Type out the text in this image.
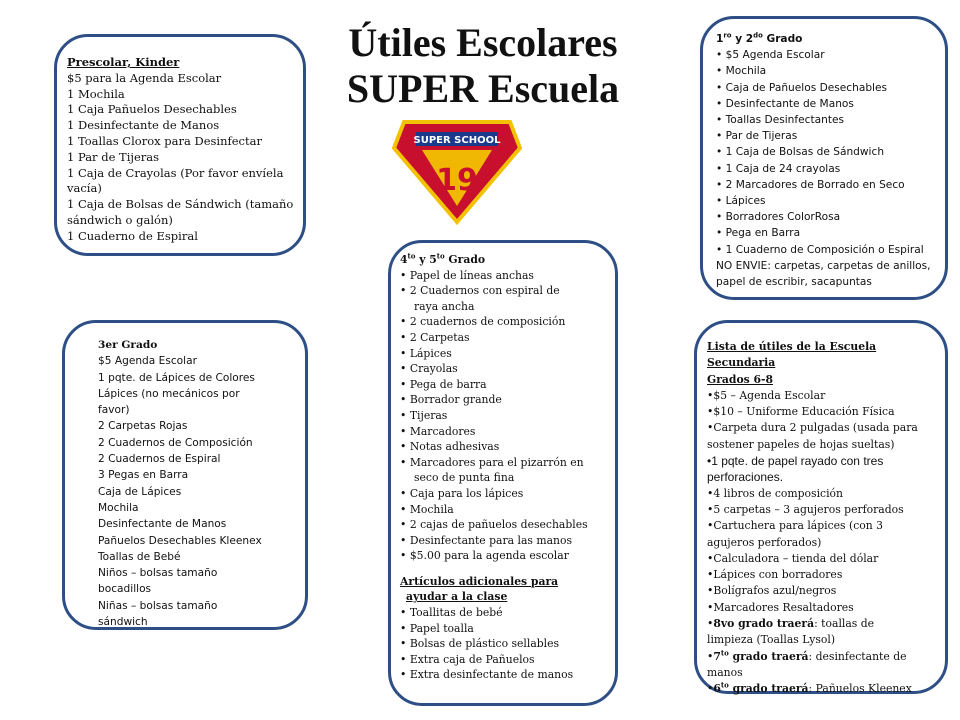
Útiles Escolares
SUPER Escuela
SUPER SCHOOL
19
Prescolar, Kinder
$5 para la Agenda Escolar
1 Mochila
1 Caja Pañuelos Desechables
1 Desinfectante de Manos
1 Toallas Clorox para Desinfectar
1 Par de Tijeras
1 Caja de Crayolas (Por favor envíela
vacía)
1 Caja de Bolsas de Sándwich (tamaño
sándwich o galón)
1 Cuaderno de Espiral
$1^{ro}$ y $2^{do}$ Grado
• $5 Agenda Escolar
• Mochila
• Caja de Pañuelos Desechables
• Desinfectante de Manos
• Toallas Desinfectantes
• Par de Tijeras
• 1 Caja de Bolsas de Sándwich
• 1 Caja de 24 crayolas
• 2 Marcadores de Borrado en Seco
• Lápices
• Borradores ColorRosa
• Pega en Barra
• 1 Cuaderno de Composición o Espiral
NO ENVIE: carpetas, carpetas de anillos,
papel de escribir, sacapuntas
3er Grado
$5 Agenda Escolar
1 pqte. de Lápices de Colores
Lápices (no mecánicos por
favor)
2 Carpetas Rojas
2 Cuadernos de Composición
2 Cuadernos de Espiral
3 Pegas en Barra
Caja de Lápices
Mochila
Desinfectante de Manos
Pañuelos Desechables Kleenex
Toallas de Bebé
Niños – bolsas tamaño
bocadillos
Niñas – bolsas tamaño
sándwich
$4^{to}$ y $5^{to}$ Grado
• Papel de líneas anchas
• 2 Cuadernos con espiral de
raya ancha
• 2 cuadernos de composición
• 2 Carpetas
• Lápices
• Crayolas
• Pega de barra
• Borrador grande
• Tijeras
• Marcadores
• Notas adhesivas
• Marcadores para el pizarrón en
seco de punta fina
• Caja para los lápices
• Mochila
• 2 cajas de pañuelos desechables
• Desinfectante para las manos
• $5.00 para la agenda escolar
Artículos adicionales para
ayudar a la clase
• Toallitas de bebé
• Papel toalla
• Bolsas de plástico sellables
• Extra caja de Pañuelos
• Extra desinfectante de manos
Lista de útiles de la Escuela
Secundaria
Grados 6-8
•$5 – Agenda Escolar
•$10 – Uniforme Educación Física
•Carpeta dura 2 pulgadas (usada para
sostener papeles de hojas sueltas)
•1 pqte. de papel rayado con tres
perforaciones.
•4 libros de composición
•5 carpetas – 3 agujeros perforados
•Cartuchera para lápices (con 3
agujeros perforados)
•Calculadora – tienda del dólar
•Lápices con borradores
•Bolígrafos azul/negros
•Marcadores Resaltadores
•8vo grado traerá: toallas de
limpieza (Toallas Lysol)
$•7^{to}$ grado traerá: desinfectante de
manos
$•6^{to}$ grado traerá: Pañuelos Kleenex
